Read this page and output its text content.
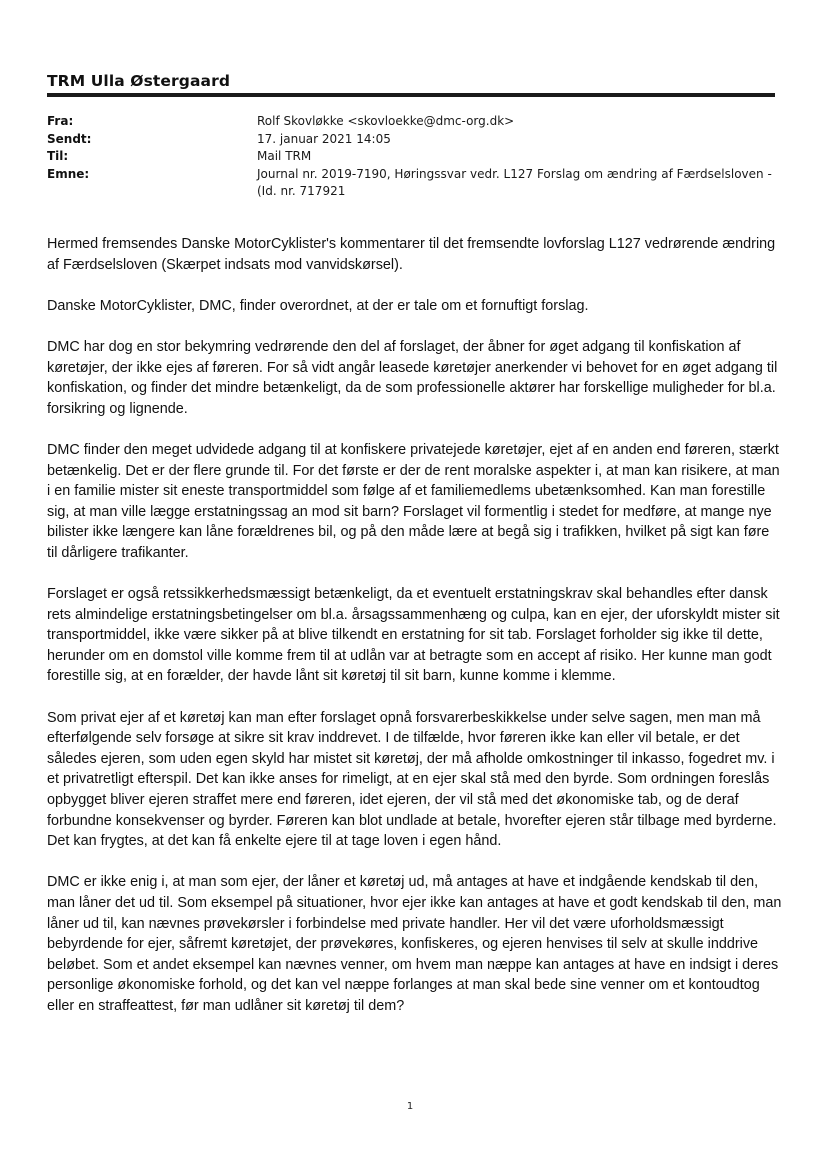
TRM Ulla Østergaard
Fra:	Rolf Skovløkke <skovloekke@dmc-org.dk>
Sendt:	17. januar 2021 14:05
Til:	Mail TRM
Emne:	Journal nr. 2019-7190, Høringssvar vedr. L127 Forslag om ændring af Færdselsloven - (Id. nr. 717921

Hermed fremsendes Danske MotorCyklister's kommentarer til det fremsendte lovforslag L127 vedrørende ændring af Færdselsloven (Skærpet indsats mod vanvidskørsel).

Danske MotorCyklister, DMC, finder overordnet, at der er tale om et fornuftigt forslag.

DMC har dog en stor bekymring vedrørende den del af forslaget, der åbner for øget adgang til konfiskation af køretøjer, der ikke ejes af føreren. For så vidt angår leasede køretøjer anerkender vi behovet for en øget adgang til konfiskation, og finder det mindre betænkeligt, da de som professionelle aktører har forskellige muligheder for bl.a. forsikring og lignende.

DMC finder den meget udvidede adgang til at konfiskere privatejede køretøjer, ejet af en anden end føreren, stærkt betænkelig. Det er der flere grunde til. For det første er der de rent moralske aspekter i, at man kan risikere, at man i en familie mister sit eneste transportmiddel som følge af et familiemedlems ubetænksomhed. Kan man forestille sig, at man ville lægge erstatningssag an mod sit barn? Forslaget vil formentlig i stedet for medføre, at mange nye bilister ikke længere kan låne forældrenes bil, og på den måde lære at begå sig i trafikken, hvilket på sigt kan føre til dårligere trafikanter.

Forslaget er også retssikkerhedsmæssigt betænkeligt, da et eventuelt erstatningskrav skal behandles efter dansk rets almindelige erstatningsbetingelser om bl.a. årsagssammenhæng og culpa, kan en ejer, der uforskyldt mister sit transportmiddel, ikke være sikker på at blive tilkendt en erstatning for sit tab. Forslaget forholder sig ikke til dette, herunder om en domstol ville komme frem til at udlån var at betragte som en accept af risiko. Her kunne man godt forestille sig, at en forælder, der havde lånt sit køretøj til sit barn, kunne komme i klemme.

Som privat ejer af et køretøj kan man efter forslaget opnå forsvarerbeskikkelse under selve sagen, men man må efterfølgende selv forsøge at sikre sit krav inddrevet. I de tilfælde, hvor føreren ikke kan eller vil betale, er det således ejeren, som uden egen skyld har mistet sit køretøj, der må afholde omkostninger til inkasso, fogedret mv. i et privatretligt efterspil. Det kan ikke anses for rimeligt, at en ejer skal stå med den byrde. Som ordningen foreslås opbygget bliver ejeren straffet mere end føreren, idet ejeren, der vil stå med det økonomiske tab, og de deraf forbundne konsekvenser og byrder. Føreren kan blot undlade at betale, hvorefter ejeren står tilbage med byrderne. Det kan frygtes, at det kan få enkelte ejere til at tage loven i egen hånd.

DMC er ikke enig i, at man som ejer, der låner et køretøj ud, må antages at have et indgående kendskab til den, man låner det ud til. Som eksempel på situationer, hvor ejer ikke kan antages at have et godt kendskab til den, man låner ud til, kan nævnes prøvekørsler i forbindelse med private handler. Her vil det være uforholdsmæssigt bebyrdende for ejer, såfremt køretøjet, der prøvekøres, konfiskeres, og ejeren henvises til selv at skulle inddrive beløbet. Som et andet eksempel kan nævnes venner, om hvem man næppe kan antages at have en indsigt i deres personlige økonomiske forhold, og det kan vel næppe forlanges at man skal bede sine venner om et kontoudtog eller en straffeattest, før man udlåner sit køretøj til dem?

1
